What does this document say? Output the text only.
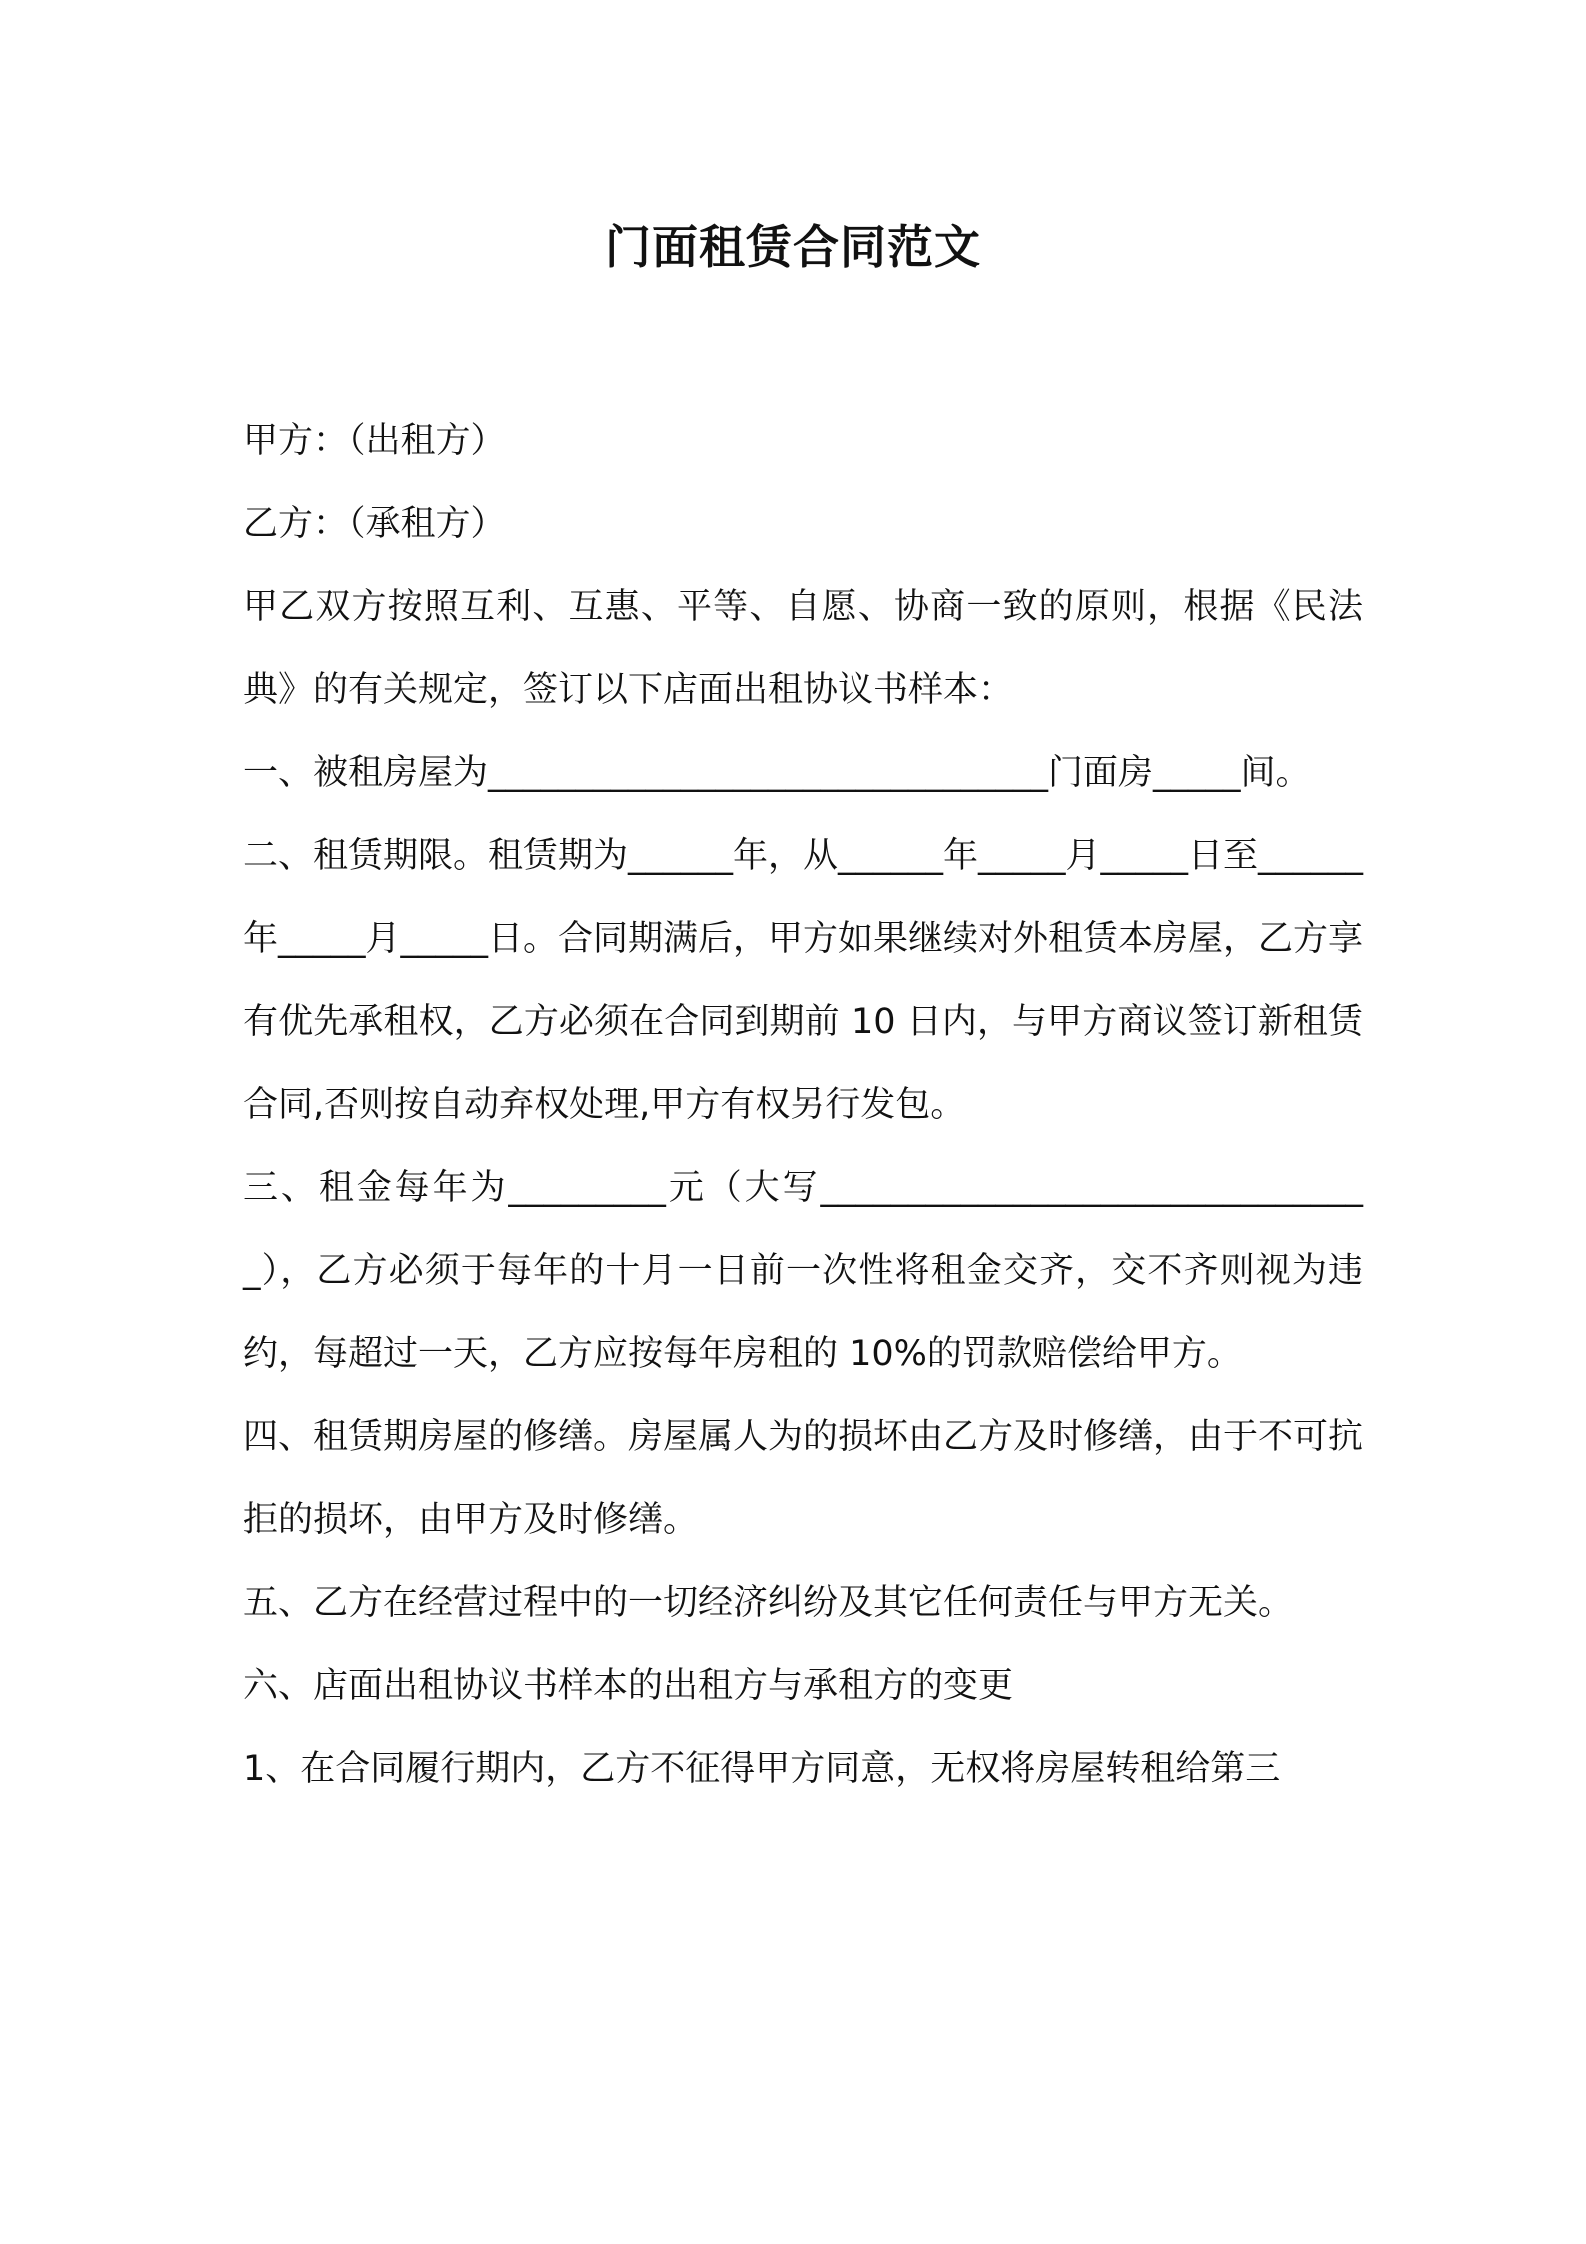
门面租赁合同范文

甲方：（出租方）

乙方：（承租方）

甲乙双方按照互利、互惠、平等、自愿、协商一致的原则，根据《民法典》的有关规定，签订以下店面出租协议书样本：

一、被租房屋为________________________________门面房_____间。

二、租赁期限。租赁期为______年，从______年_____月_____日至______年_____月_____日。合同期满后，甲方如果继续对外租赁本房屋，乙方享有优先承租权，乙方必须在合同到期前 10 日内，与甲方商议签订新租赁合同,否则按自动弃权处理,甲方有权另行发包。

三、租金每年为_________元（大写________________________________），乙方必须于每年的十月一日前一次性将租金交齐，交不齐则视为违约，每超过一天，乙方应按每年房租的 10%的罚款赔偿给甲方。

四、租赁期房屋的修缮。房屋属人为的损坏由乙方及时修缮，由于不可抗拒的损坏，由甲方及时修缮。

五、乙方在经营过程中的一切经济纠纷及其它任何责任与甲方无关。

六、店面出租协议书样本的出租方与承租方的变更

1、在合同履行期内，乙方不征得甲方同意，无权将房屋转租给第三
